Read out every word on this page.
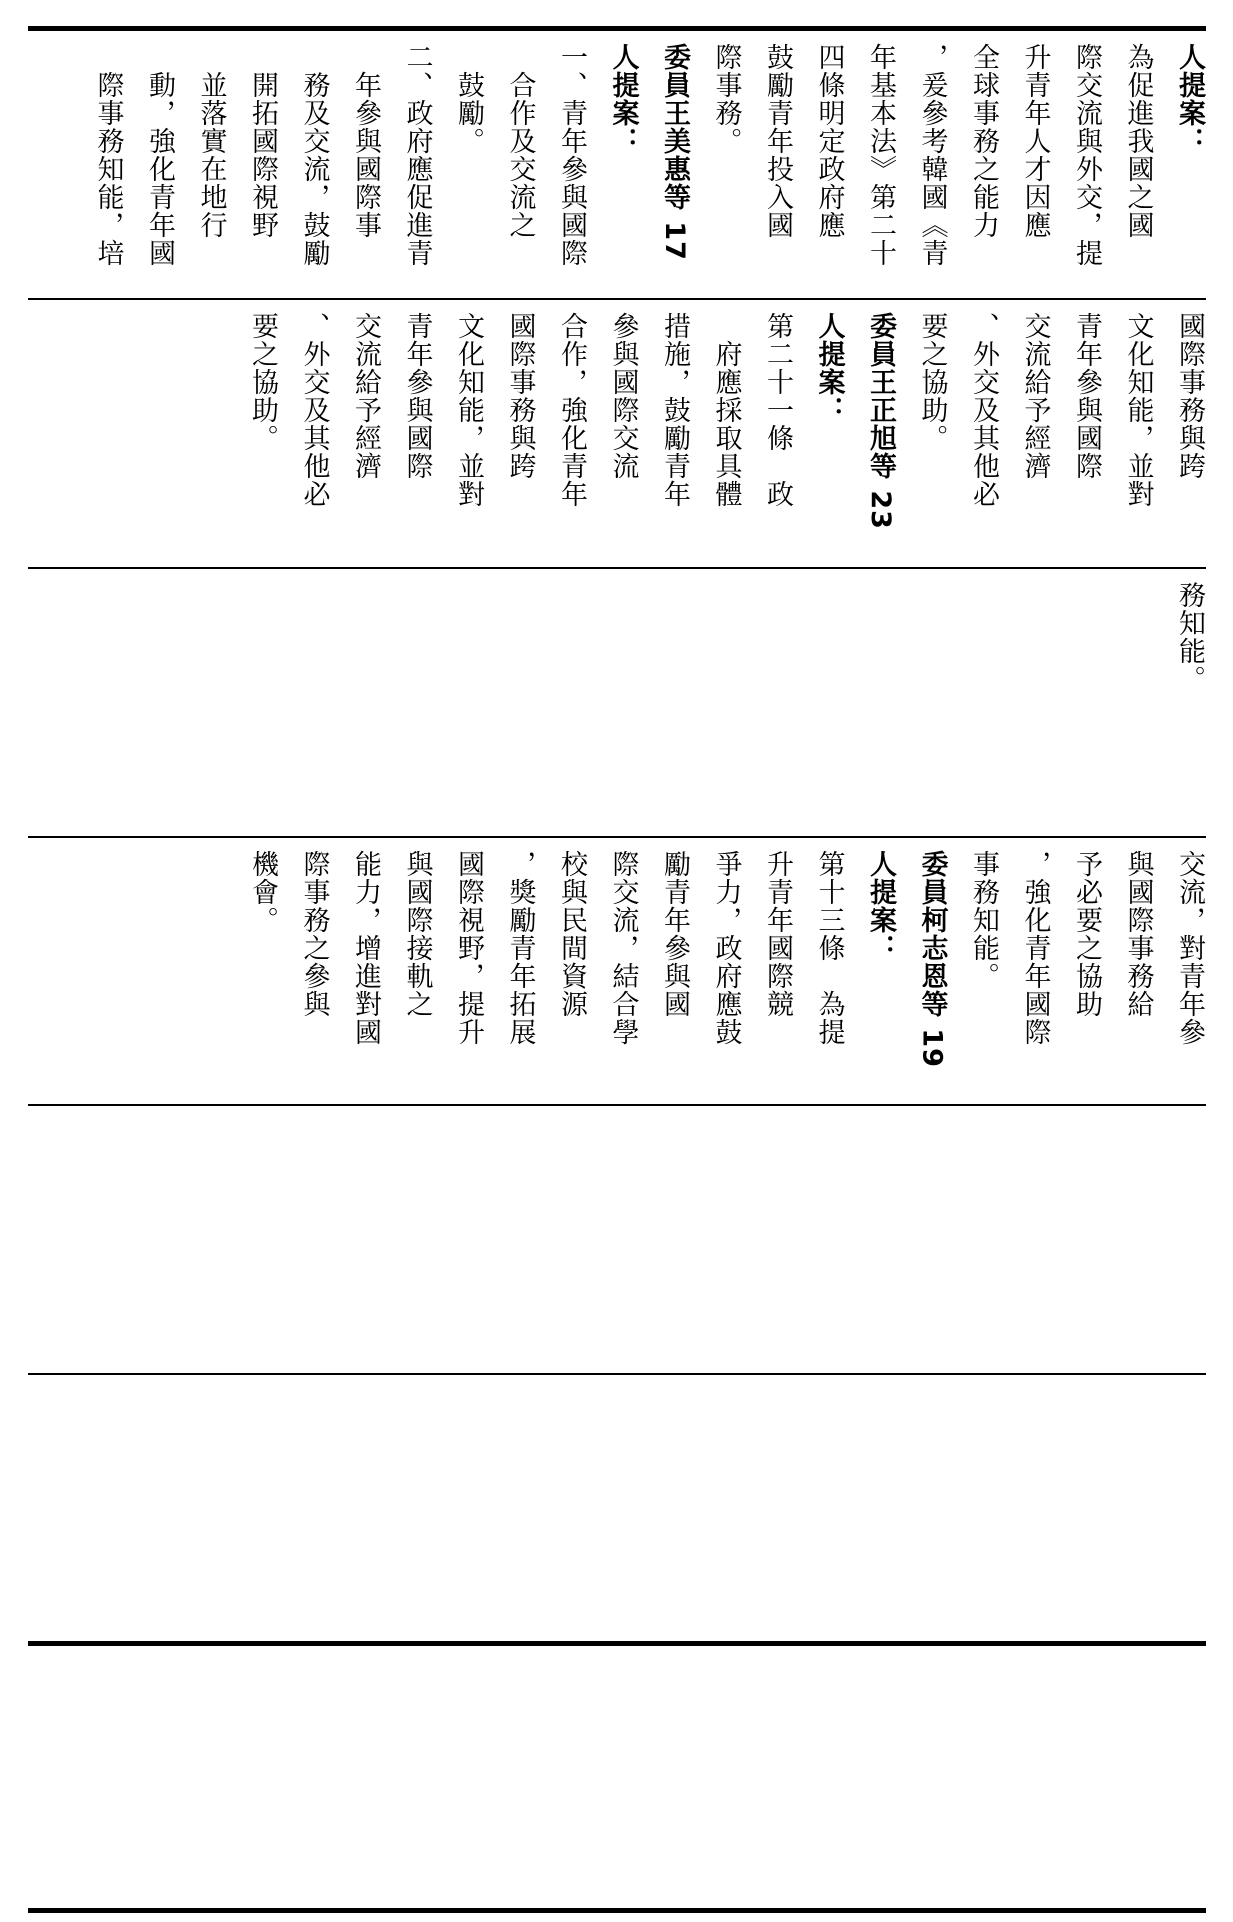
人提案：
為促進我國之國
際交流與外交，提
升青年人才因應
全球事務之能力
，爰參考韓國《青
年基本法》第二十
四條明定政府應
鼓勵青年投入國
際事務。
委員王美惠等 17
人提案：
一、青年參與國際
　合作及交流之
　鼓勵。
二、政府應促進青
　年參與國際事
　務及交流，鼓勵
　開拓國際視野
　並落實在地行
　動，強化青年國
　際事務知能，培
國際事務與跨
文化知能，並對
青年參與國際
交流給予經濟
、外交及其他必
要之協助。
委員王正旭等 23
人提案：
第二十一條　政
　府應採取具體
措施，鼓勵青年
參與國際交流
合作，強化青年
國際事務與跨
文化知能，並對
青年參與國際
交流給予經濟
、外交及其他必
要之協助。
務知能。
交流，對青年參
與國際事務給
予必要之協助
，強化青年國際
事務知能。
委員柯志恩等 19
人提案：
第十三條　為提
升青年國際競
爭力，政府應鼓
勵青年參與國
際交流，結合學
校與民間資源
，獎勵青年拓展
國際視野，提升
與國際接軌之
能力，增進對國
際事務之參與
機會。
